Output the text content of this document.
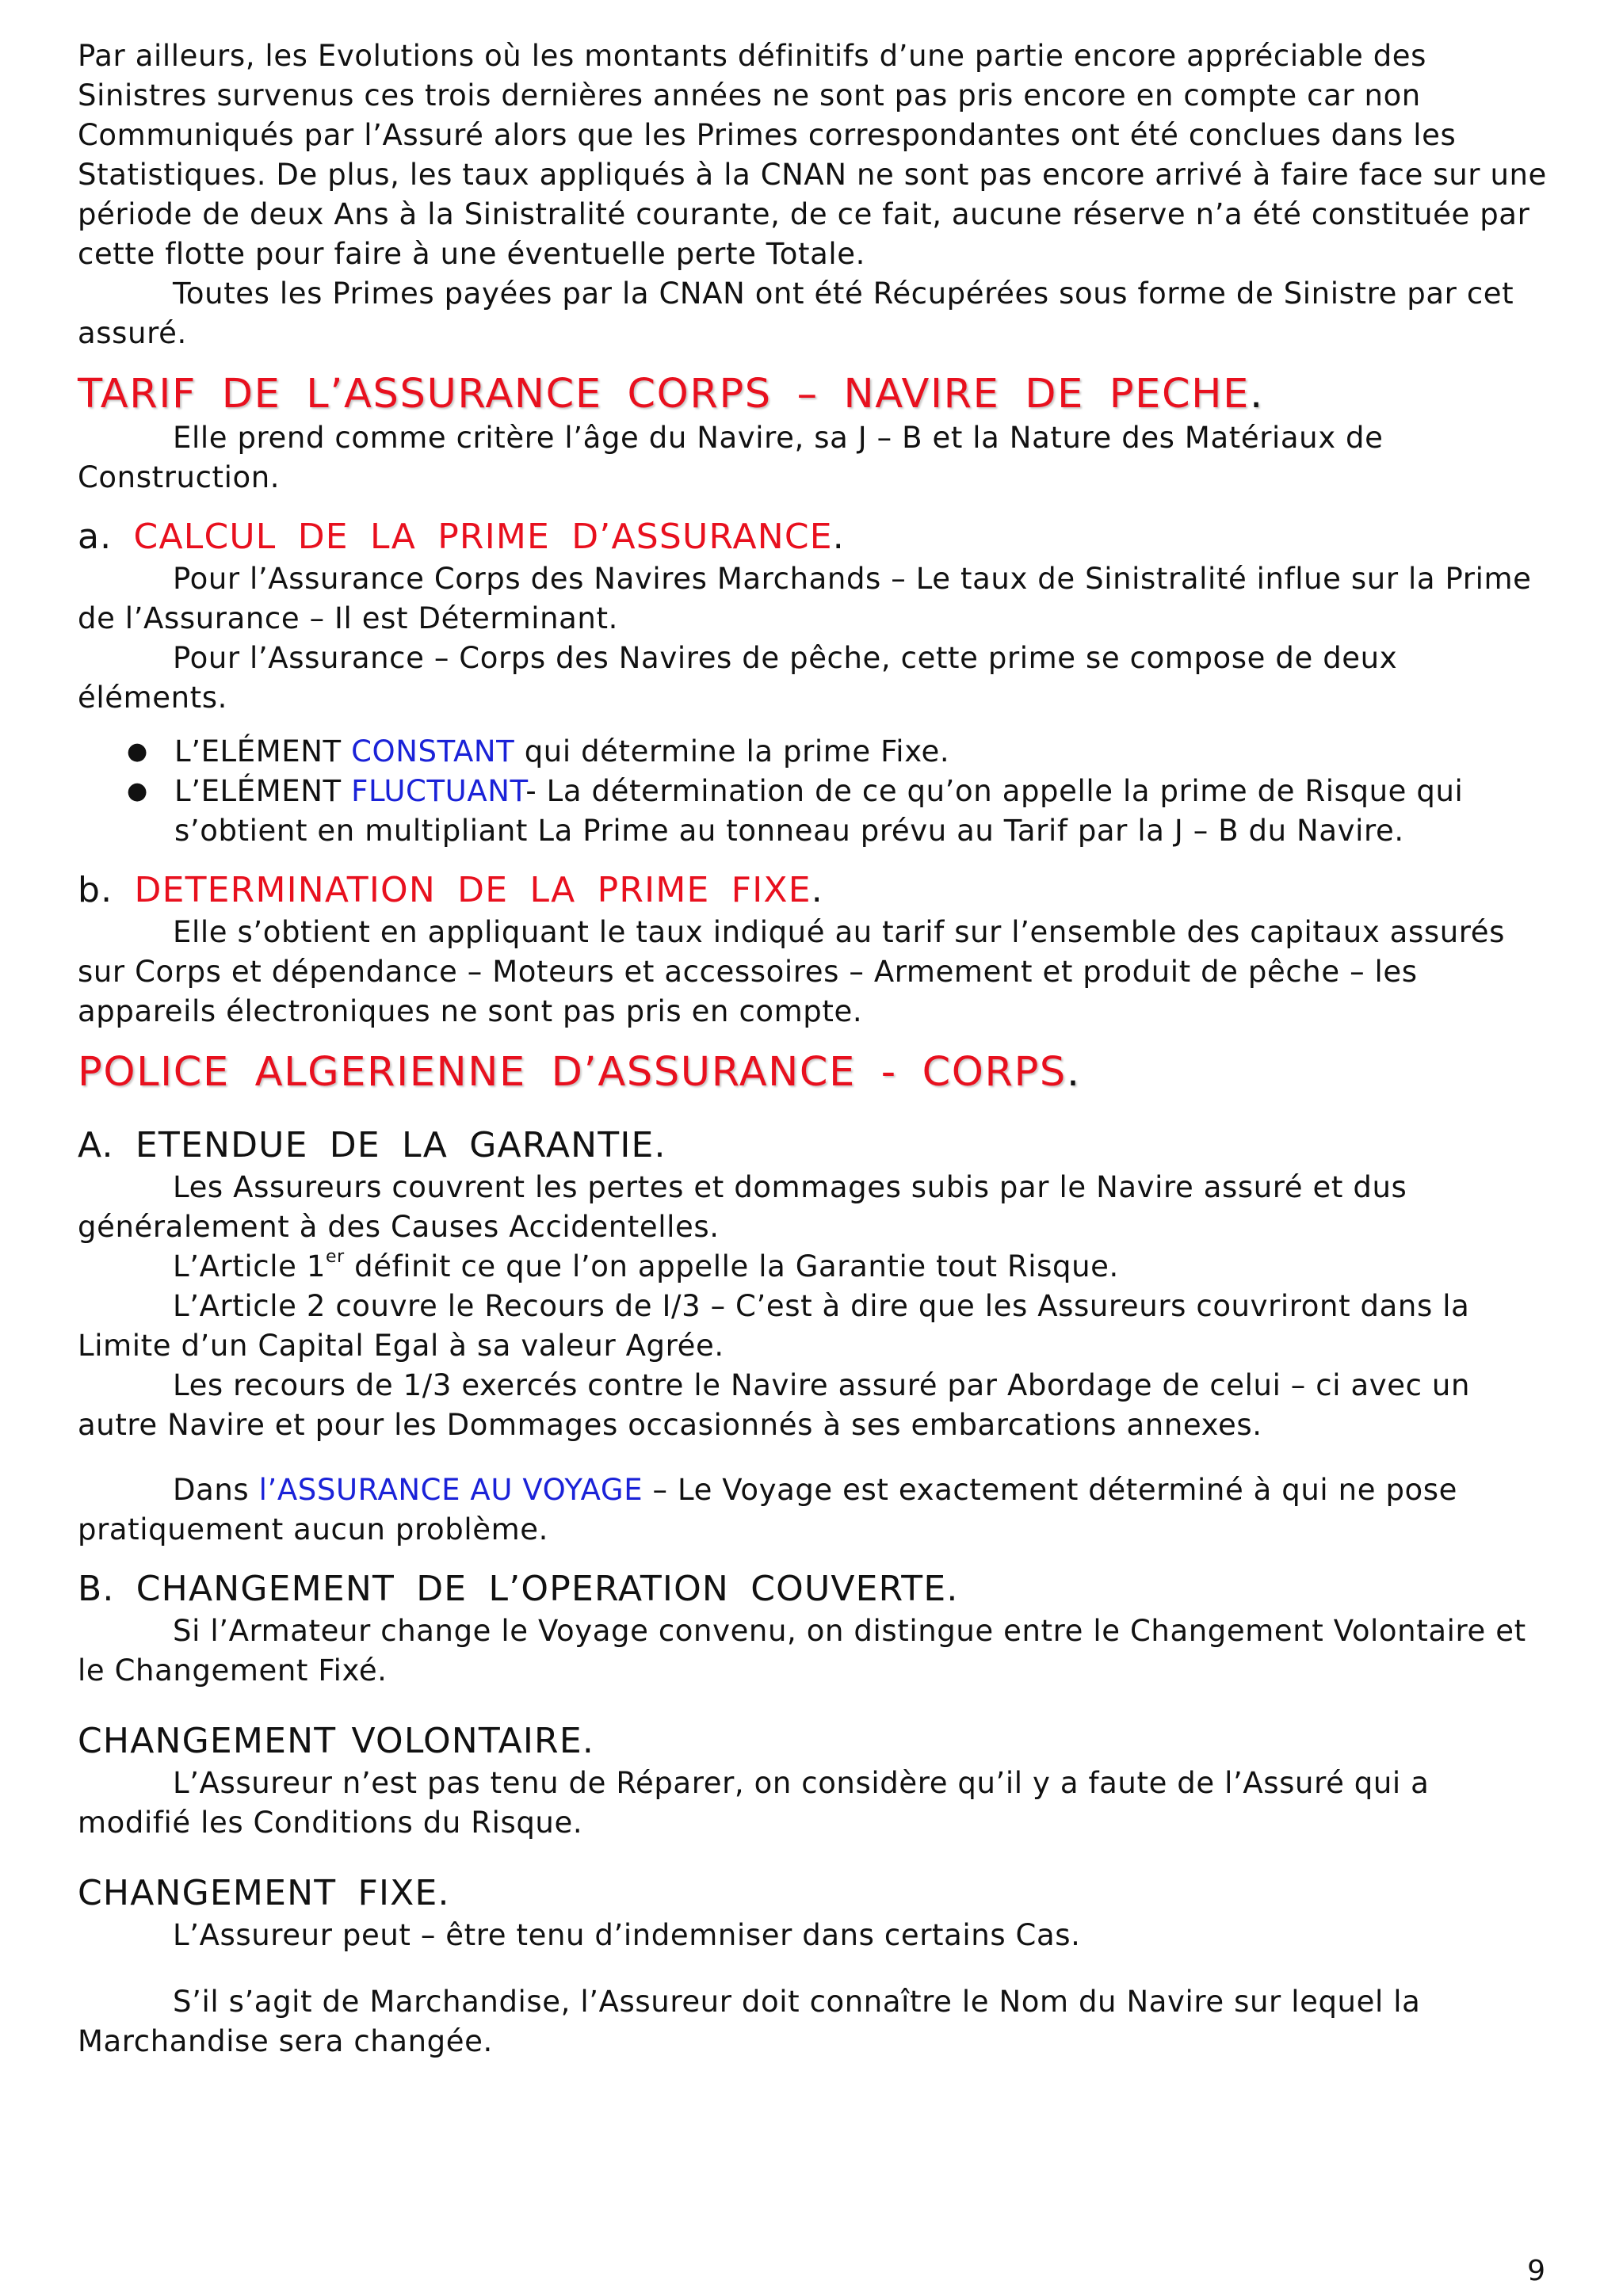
Par ailleurs, les Evolutions où les montants définitifs d’une partie encore appréciable des Sinistres survenus ces trois dernières années ne sont pas pris encore en compte car non Communiqués par l’Assuré alors que les Primes correspondantes ont été conclues dans les Statistiques. De plus, les taux appliqués à la CNAN ne sont pas encore arrivé à faire face sur une période de deux Ans à la Sinistralité courante, de ce fait, aucune réserve n’a été constituée par cette flotte pour faire à une éventuelle perte Totale.

Toutes les Primes payées par la CNAN ont été Récupérées sous forme de Sinistre par cet assuré.

TARIF DE L’ASSURANCE CORPS – NAVIRE DE PECHE.

Elle prend comme critère l’âge du Navire, sa J – B et la Nature des Matériaux de Construction.

a. CALCUL DE LA PRIME D’ASSURANCE.

Pour l’Assurance Corps des Navires Marchands – Le taux de Sinistralité influe sur la Prime de l’Assurance – Il est Déterminant.

Pour l’Assurance – Corps des Navires de pêche, cette prime se compose de deux éléments.

● L’ELÉMENT CONSTANT qui détermine la prime Fixe.
● L’ELÉMENT FLUCTUANT- La détermination de ce qu’on appelle la prime de Risque qui s’obtient en multipliant La Prime au tonneau prévu au Tarif par la J – B du Navire.
b. DETERMINATION DE LA PRIME FIXE.

Elle s’obtient en appliquant le taux indiqué au tarif sur l’ensemble des capitaux assurés sur Corps et dépendance – Moteurs et accessoires – Armement et produit de pêche – les appareils électroniques ne sont pas pris en compte.

POLICE ALGERIENNE D’ASSURANCE - CORPS.
A. ETENDUE DE LA GARANTIE.

Les Assureurs couvrent les pertes et dommages subis par le Navire assuré et dus généralement à des Causes Accidentelles.

L’Article 1er définit ce que l’on appelle la Garantie tout Risque.

L’Article 2 couvre le Recours de I/3 – C’est à dire que les Assureurs couvriront dans la Limite d’un Capital Egal à sa valeur Agrée.

Les recours de 1/3 exercés contre le Navire assuré par Abordage de celui – ci avec un autre Navire et pour les Dommages occasionnés à ses embarcations annexes.

Dans l’ASSURANCE AU VOYAGE – Le Voyage est exactement déterminé à qui ne pose pratiquement aucun problème.

B. CHANGEMENT DE L’OPERATION COUVERTE.

Si l’Armateur change le Voyage convenu, on distingue entre le Changement Volontaire et le Changement Fixé.

CHANGEMENT VOLONTAIRE.

L’Assureur n’est pas tenu de Réparer, on considère qu’il y a faute de l’Assuré qui a modifié les Conditions du Risque.

CHANGEMENT FIXE.

L’Assureur peut – être tenu d’indemniser dans certains Cas.

S’il s’agit de Marchandise, l’Assureur doit connaître le Nom du Navire sur lequel la Marchandise sera changée.

9
